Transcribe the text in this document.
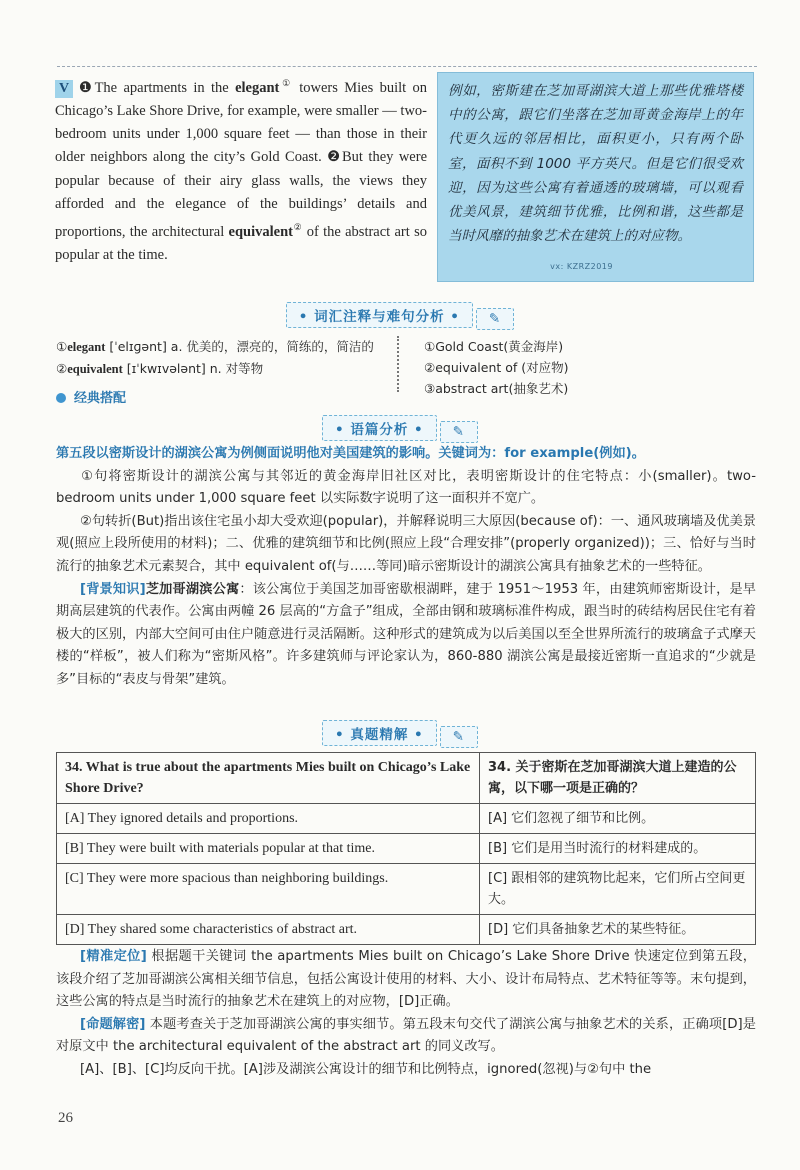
V ❶The apartments in the elegant① towers Mies built on Chicago’s Lake Shore Drive, for example, were smaller — two-bedroom units under 1,000 square feet — than those in their older neighbors along the city’s Gold Coast. ❷But they were popular because of their airy glass walls, the views they afforded and the elegance of the buildings’ details and proportions, the architectural equivalent② of the abstract art so popular at the time.
例如，密斯建在芝加哥湖滨大道上那些优雅塔楼中的公寓，跟它们坐落在芝加哥黄金海岸上的年代更久远的邻居相比，面积更小，只有两个卧室，面积不到 1000 平方英尺。但是它们很受欢迎，因为这些公寓有着通透的玻璃墙，可以观看优美风景，建筑细节优雅，比例和谐，这些都是当时风靡的抽象艺术在建筑上的对应物。
vx: KZRZ2019
• 词汇注释与难句分析 • ✎
①elegant [ˈelɪɡənt] a. 优美的，漂亮的，简练的，简洁的
②equivalent [ɪˈkwɪvələnt] n. 对等物
①Gold Coast(黄金海岸)
②equivalent of (对应物)
③abstract art(抽象艺术)
经典搭配
• 语篇分析 • ✎
第五段以密斯设计的湖滨公寓为例侧面说明他对美国建筑的影响。关键词为：for example(例如)。
①句将密斯设计的湖滨公寓与其邻近的黄金海岸旧社区对比，表明密斯设计的住宅特点：小(smaller)。two-bedroom units under 1,000 square feet 以实际数字说明了这一面积并不宽广。
②句转折(But)指出该住宅虽小却大受欢迎(popular)，并解释说明三大原因(because of)：一、通风玻璃墙及优美景观(照应上段所使用的材料)；二、优雅的建筑细节和比例(照应上段“合理安排”(properly organized))；三、恰好与当时流行的抽象艺术元素契合，其中 equivalent of(与……等同)暗示密斯设计的湖滨公寓具有抽象艺术的一些特征。
[背景知识]芝加哥湖滨公寓：该公寓位于美国芝加哥密歇根湖畔，建于 1951～1953 年，由建筑师密斯设计，是早期高层建筑的代表作。公寓由两幢 26 层高的“方盒子”组成，全部由钢和玻璃标准件构成，跟当时的砖结构居民住宅有着极大的区别，内部大空间可由住户随意进行灵活隔断。这种形式的建筑成为以后美国以至全世界所流行的玻璃盒子式摩天楼的“样板”，被人们称为“密斯风格”。许多建筑师与评论家认为，860-880 湖滨公寓是最接近密斯一直追求的“少就是多”目标的“表皮与骨架”建筑。
• 真题精解 • ✎
34. What is true about the apartments Mies built on Chicago’s Lake Shore Drive?	34. 关于密斯在芝加哥湖滨大道上建造的公寓，以下哪一项是正确的？
[A] They ignored details and proportions.	[A] 它们忽视了细节和比例。
[B] They were built with materials popular at that time.	[B] 它们是用当时流行的材料建成的。
[C] They were more spacious than neighboring buildings.	[C] 跟相邻的建筑物比起来，它们所占空间更大。
[D] They shared some characteristics of abstract art.	[D] 它们具备抽象艺术的某些特征。
[精准定位] 根据题干关键词 the apartments Mies built on Chicago’s Lake Shore Drive 快速定位到第五段，该段介绍了芝加哥湖滨公寓相关细节信息，包括公寓设计使用的材料、大小、设计布局特点、艺术特征等等。末句提到，这些公寓的特点是当时流行的抽象艺术在建筑上的对应物，[D]正确。
[命题解密] 本题考查关于芝加哥湖滨公寓的事实细节。第五段末句交代了湖滨公寓与抽象艺术的关系，正确项[D]是对原文中 the architectural equivalent of the abstract art 的同义改写。
[A]、[B]、[C]均反向干扰。[A]涉及湖滨公寓设计的细节和比例特点，ignored(忽视)与②句中 the
26
